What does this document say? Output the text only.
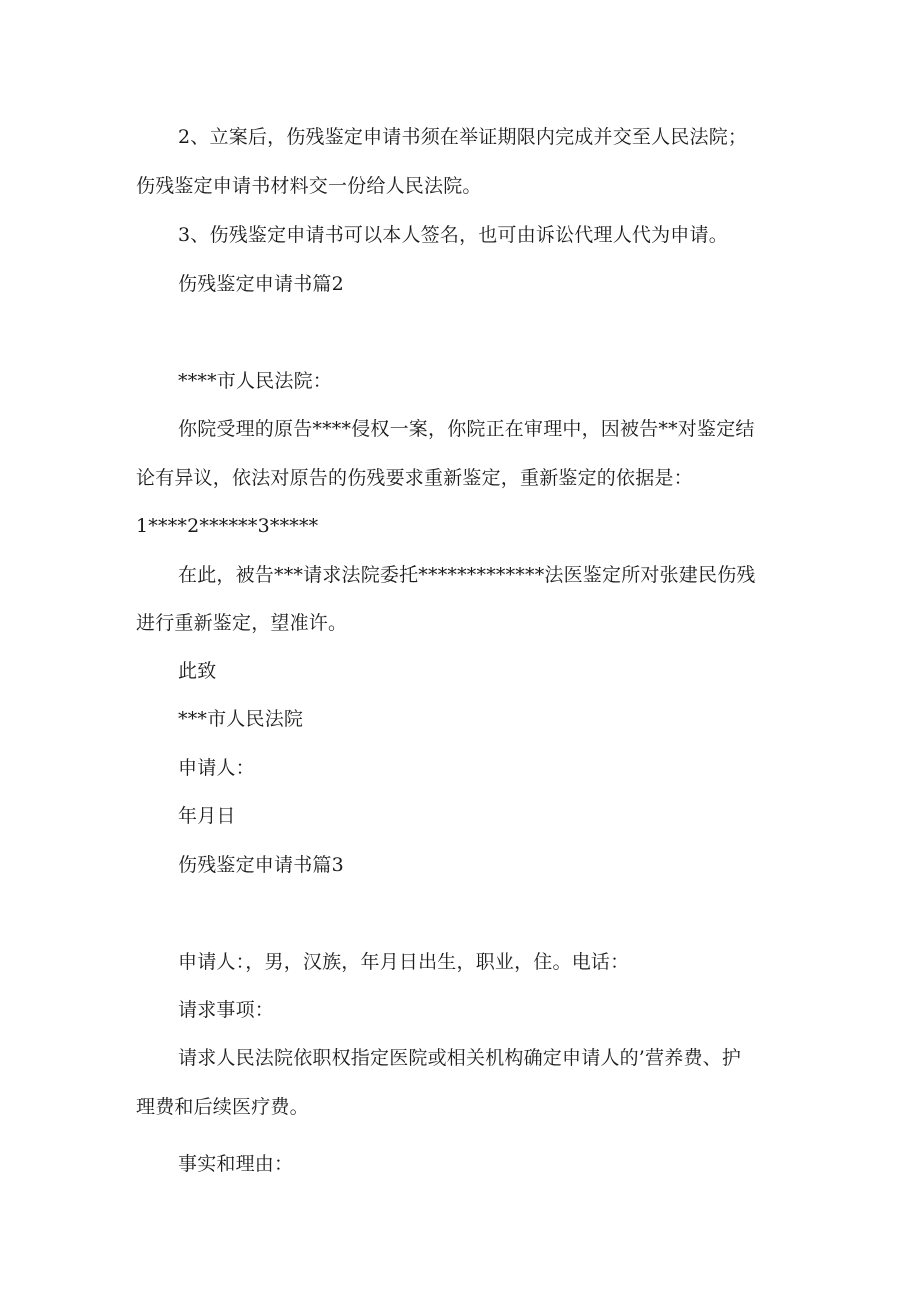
2、立案后，伤残鉴定申请书须在举证期限内完成并交至人民法院；
伤残鉴定申请书材料交一份给人民法院。
3、伤残鉴定申请书可以本人签名，也可由诉讼代理人代为申请。
伤残鉴定申请书篇2
****市人民法院：
你院受理的原告****侵权一案，你院正在审理中，因被告**对鉴定结
论有异议，依法对原告的伤残要求重新鉴定，重新鉴定的依据是：
1****2******3*****
在此，被告***请求法院委托*************法医鉴定所对张建民伤残
进行重新鉴定，望准许。
此致
***市人民法院
申请人：
年月日
伤残鉴定申请书篇3
申请人：，男，汉族，年月日出生，职业，住。电话：
请求事项：
请求人民法院依职权指定医院或相关机构确定申请人的’营养费、护
理费和后续医疗费。
事实和理由：
